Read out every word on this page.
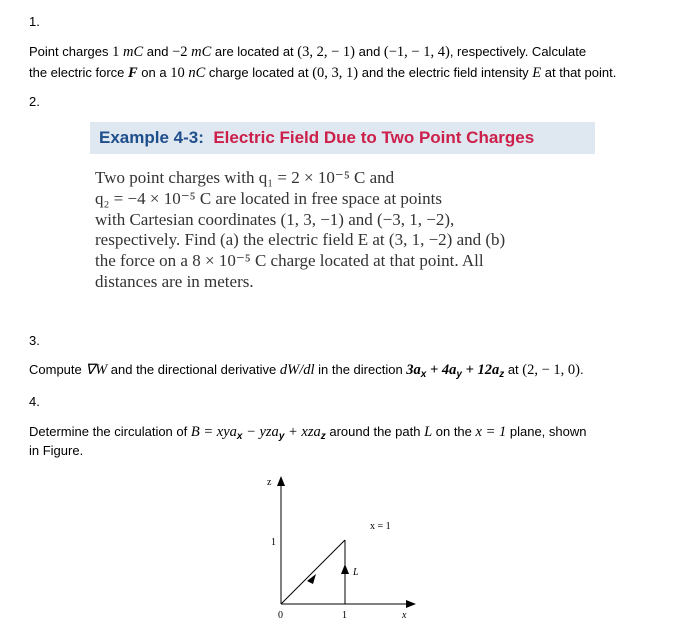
1.
Point charges 1 mC and −2 mC are located at (3, 2, − 1) and (−1, − 1, 4), respectively. Calculate
the electric force F on a 10 nC charge located at (0, 3, 1) and the electric field intensity E at that point.
2.
Example 4-3: Electric Field Due to Two Point Charges
Two point charges with q₁ = 2 × 10⁻⁵ C and
q₂ = −4 × 10⁻⁵ C are located in free space at points
with Cartesian coordinates (1, 3, −1) and (−3, 1, −2),
respectively. Find (a) the electric field E at (3, 1, −2) and (b)
the force on a 8 × 10⁻⁵ C charge located at that point. All
distances are in meters.
3.
Compute ∇W and the directional derivative dW/dl in the direction $3a_x + 4a_y + 12a_z$ at (2, − 1, 0).
4.
Determine the circulation of B = xya$_x$ − yza$_y$ + xza$_z$ around the path L on the x = 1 plane, shown
in Figure.
z
x = 1
1
L
0	1	x
